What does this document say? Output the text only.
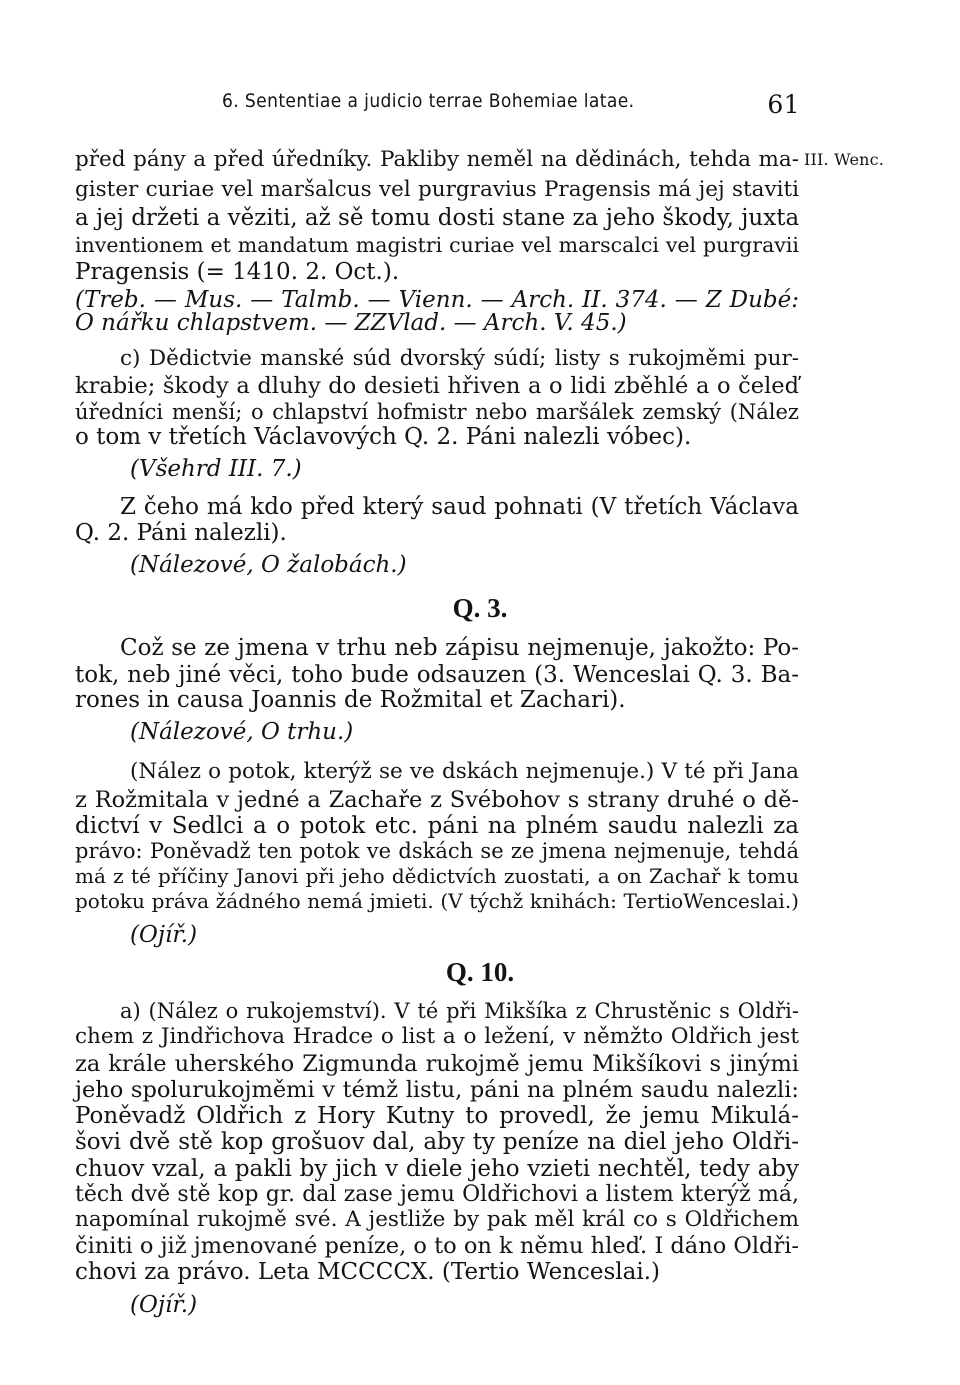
6. Sententiae a judicio terrae Bohemiae latae.	61
III. Wenc.
před pány a před úředníky. Pakliby neměl na dědinách, tehda ma-
gister curiae vel maršalcus vel purgravius Pragensis má jej staviti
a jej držeti a věziti, až sě tomu dosti stane za jeho škody, juxta
inventionem et mandatum magistri curiae vel marscalci vel purgravii
Pragensis (= 1410. 2. Oct.).
(Treb. — Mus. — Talmb. — Vienn. — Arch. II. 374. — Z Dubé:
O nářku chlapstvem. — ZZVlad. — Arch. V. 45.)
c) Dědictvie manské súd dvorský súdí; listy s rukojměmi pur-
krabie; škody a dluhy do desieti hřiven a o lidi zběhlé a o čeleď
úředníci menší; o chlapství hofmistr nebo maršálek zemský (Nález
o tom v třetích Václavových Q. 2. Páni nalezli vóbec).
(Všehrd III. 7.)
Z čeho má kdo před který saud pohnati (V třetích Václava
Q. 2. Páni nalezli).
(Nálezové, O žalobách.)
Q. 3.
Což se ze jmena v trhu neb zápisu nejmenuje, jakožto: Po-
tok, neb jiné věci, toho bude odsauzen (3. Wenceslai Q. 3. Ba-
rones in causa Joannis de Rožmital et Zachari).
(Nálezové, O trhu.)
(Nález o potok, kterýž se ve dskách nejmenuje.) V té při Jana
z Rožmitala v jedné a Zachaře z Svébohov s strany druhé o dě-
dictví v Sedlci a o potok etc. páni na plném saudu nalezli za
právo: Poněvadž ten potok ve dskách se ze jmena nejmenuje, tehdá
má z té příčiny Janovi při jeho dědictvích zuostati, a on Zachař k tomu
potoku práva žádného nemá jmieti. (V týchž knihách: TertioWenceslai.)
(Ojíř.)
Q. 10.
a) (Nález o rukojemství). V té při Mikšíka z Chrustěnic s Oldři-
chem z Jindřichova Hradce o list a o ležení, v němžto Oldřich jest
za krále uherského Zigmunda rukojmě jemu Mikšíkovi s jinými
jeho spolurukojměmi v témž listu, páni na plném saudu nalezli:
Poněvadž Oldřich z Hory Kutny to provedl, že jemu Mikulá-
šovi dvě stě kop grošuov dal, aby ty peníze na diel jeho Oldři-
chuov vzal, a pakli by jich v diele jeho vzieti nechtěl, tedy aby
těch dvě stě kop gr. dal zase jemu Oldřichovi a listem kterýž má,
napomínal rukojmě své. A jestliže by pak měl král co s Oldřichem
činiti o již jmenované peníze, o to on k němu hleď. I dáno Oldři-
chovi za právo. Leta MCCCCX. (Tertio Wenceslai.)
(Ojíř.)
